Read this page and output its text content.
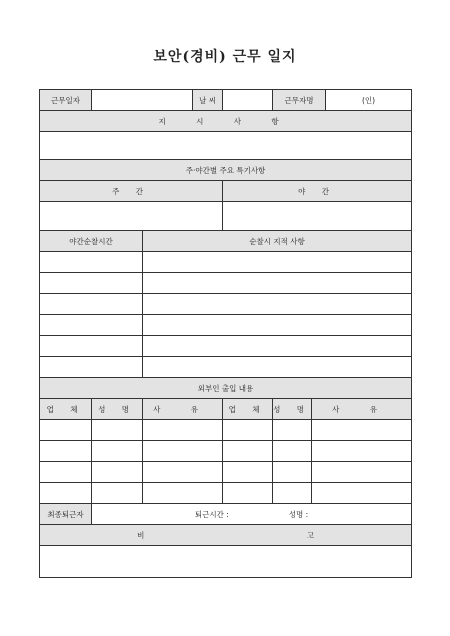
보안(경비) 근무 일지
근무일자			날 씨		근무자명		(인)
지 시 사 항							

주·야간별 주요 특기사항							
주 간				야 간			

야간순찰시간		순찰시 지적 사항					

외부인 출입 내용							
업 체	성 명	사 유		업 체	성 명	사 유	

최종퇴근자	퇴근시간 : 성명 :						
비 고							
